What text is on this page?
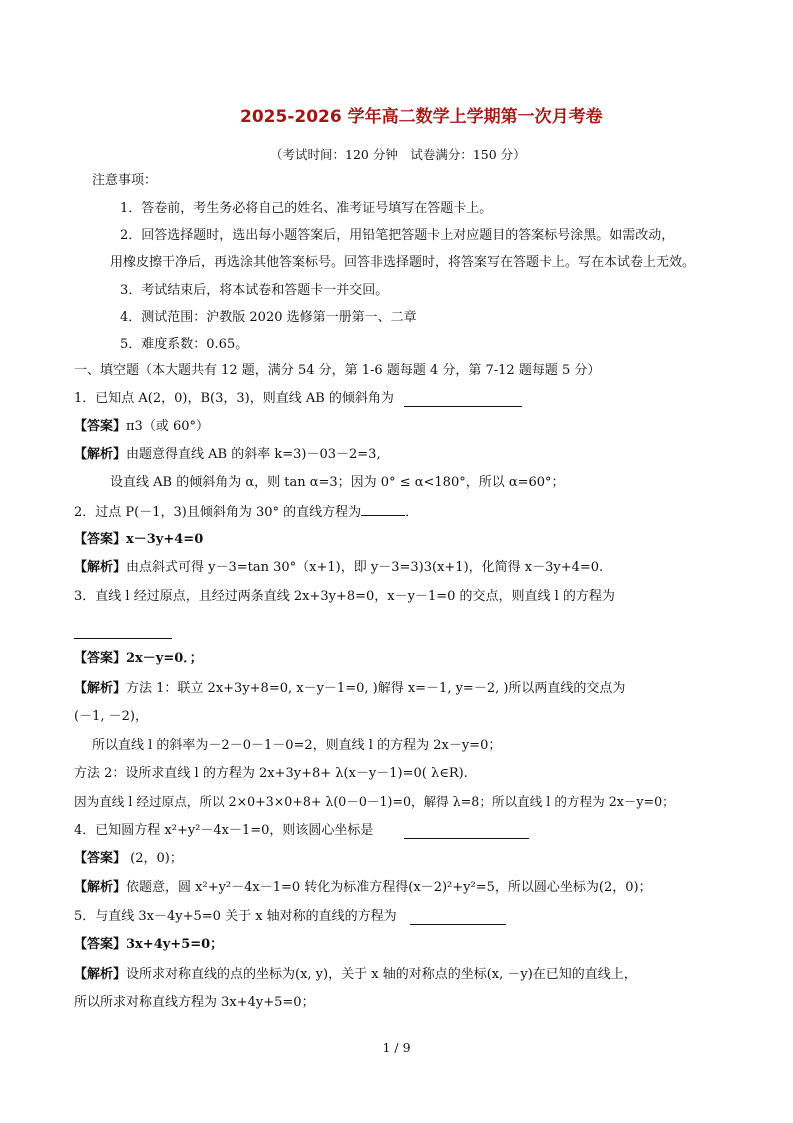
2025-2026 学年高二数学上学期第一次月考卷
（考试时间：120 分钟　试卷满分：150 分）
注意事项：
1．答卷前，考生务必将自己的姓名、准考证号填写在答题卡上。
2．回答选择题时，选出每小题答案后，用铅笔把答题卡上对应题目的答案标号涂黑。如需改动，
用橡皮擦干净后，再选涂其他答案标号。回答非选择题时，将答案写在答题卡上。写在本试卷上无效。
3．考试结束后，将本试卷和答题卡一并交回。
4．测试范围：沪教版 2020 选修第一册第一、二章
5．难度系数：0.65。
一、填空题（本大题共有 12 题，满分 54 分，第 1-6 题每题 4 分，第 7-12 题每题 5 分）
1．已知点 A(2，0)，B(3，3)，则直线 AB 的倾斜角为
【答案】π3（或 60°）
【解析】由题意得直线 AB 的斜率 k=3)－03－2=3,
设直线 AB 的倾斜角为 α，则 tan α=3；因为 0° ≤ α<180°，所以 α=60°；
2．过点 P(－1，3)且倾斜角为 30° 的直线方程为	．
【答案】x－3y+4=0
【解析】由点斜式可得 y－3=tan 30°（x+1)，即 y－3=3)3(x+1)，化简得 x－3y+4=0.
3．直线 l 经过原点，且经过两条直线 2x+3y+8=0，x－y－1=0 的交点，则直线 l 的方程为
【答案】2x－y=0．；
【解析】方法 1：联立 2x+3y+8=0, x－y－1=0, )解得 x=－1, y=－2, )所以两直线的交点为
(－1, －2)，
所以直线 l 的斜率为－2－0－1－0=2，则直线 l 的方程为 2x－y=0；
方法 2：设所求直线 l 的方程为 2x+3y+8+ λ(x－y－1)=0( λ∈R).
因为直线 l 经过原点，所以 2×0+3×0+8+ λ(0－0－1)=0，解得 λ=8；所以直线 l 的方程为 2x－y=0；
4．已知圆方程 x²+y²－4x－1=0，则该圆心坐标是
【答案】 (2，0)；
【解析】依题意，圆 x²+y²－4x－1=0 转化为标准方程得(x－2)²+y²=5，所以圆心坐标为(2，0)；
5．与直线 3x－4y+5=0 关于 x 轴对称的直线的方程为
【答案】3x+4y+5=0；
【解析】设所求对称直线的点的坐标为(x, y)，关于 x 轴的对称点的坐标(x, －y)在已知的直线上，
所以所求对称直线方程为 3x+4y+5=0；
1 / 9
